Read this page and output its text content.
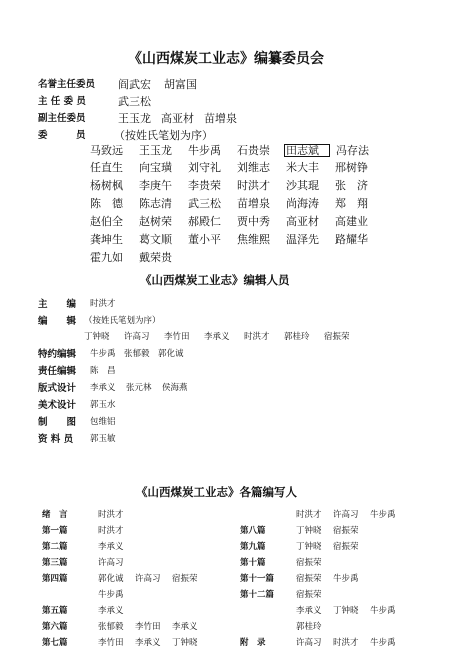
《山西煤炭工业志》编纂委员会
名誉主任委员 阎武宏 胡富国
主 任 委 员	武三松
副主任委员	王玉龙 高亚材 苗增泉
委　　　员	（按姓氏笔划为序）
马致远 王玉龙 牛步禹 石贵崇 田志斌 冯存法
任直生 向宝璜 刘守礼 刘维志 米大丰 邢树铮
杨树枫 李庚午 李贵荣 时洪才 沙其琨 张　济
陈　德 陈志清 武三松 苗增泉 尚海涛 郑　翔
赵伯全 赵树荣 郝殿仁 贾中秀 高亚材 高建业
龚坤生 葛文顺 董小平 焦维熙 温泽先 路耀华
霍九如 戴荣贵
《山西煤炭工业志》编辑人员
主　　编 时洪才
编　　辑 （按姓氏笔划为序）
丁钟晓 许高习 李竹田 李承义 时洪才 郭桂玲 宿振荣
特约编辑 牛步禹 张郁毅 郭化诚
责任编辑 陈　昌
版式设计 李承义 张元林 侯海燕
美术设计 郭玉水
制　　图 包维铝
资 料 员 郭玉敏
《山西煤炭工业志》各篇编写人
绪　言	时洪才
第一篇	时洪才
第二篇	李承义
第三篇	许高习
第四篇	郭化诚 许高习 宿振荣
牛步禹
第五篇	李承义
第六篇	张郁毅 李竹田 李承义
第七篇	李竹田 李承义 丁钟晓
时洪才 许高习 牛步禹
第八篇	丁钟晓 宿振荣
第九篇	丁钟晓 宿振荣
第十篇	宿振荣
第十一篇	宿振荣 牛步禹
第十二篇	宿振荣
李承义 丁钟晓 牛步禹
郭桂玲
附　录	许高习 时洪才 牛步禹
